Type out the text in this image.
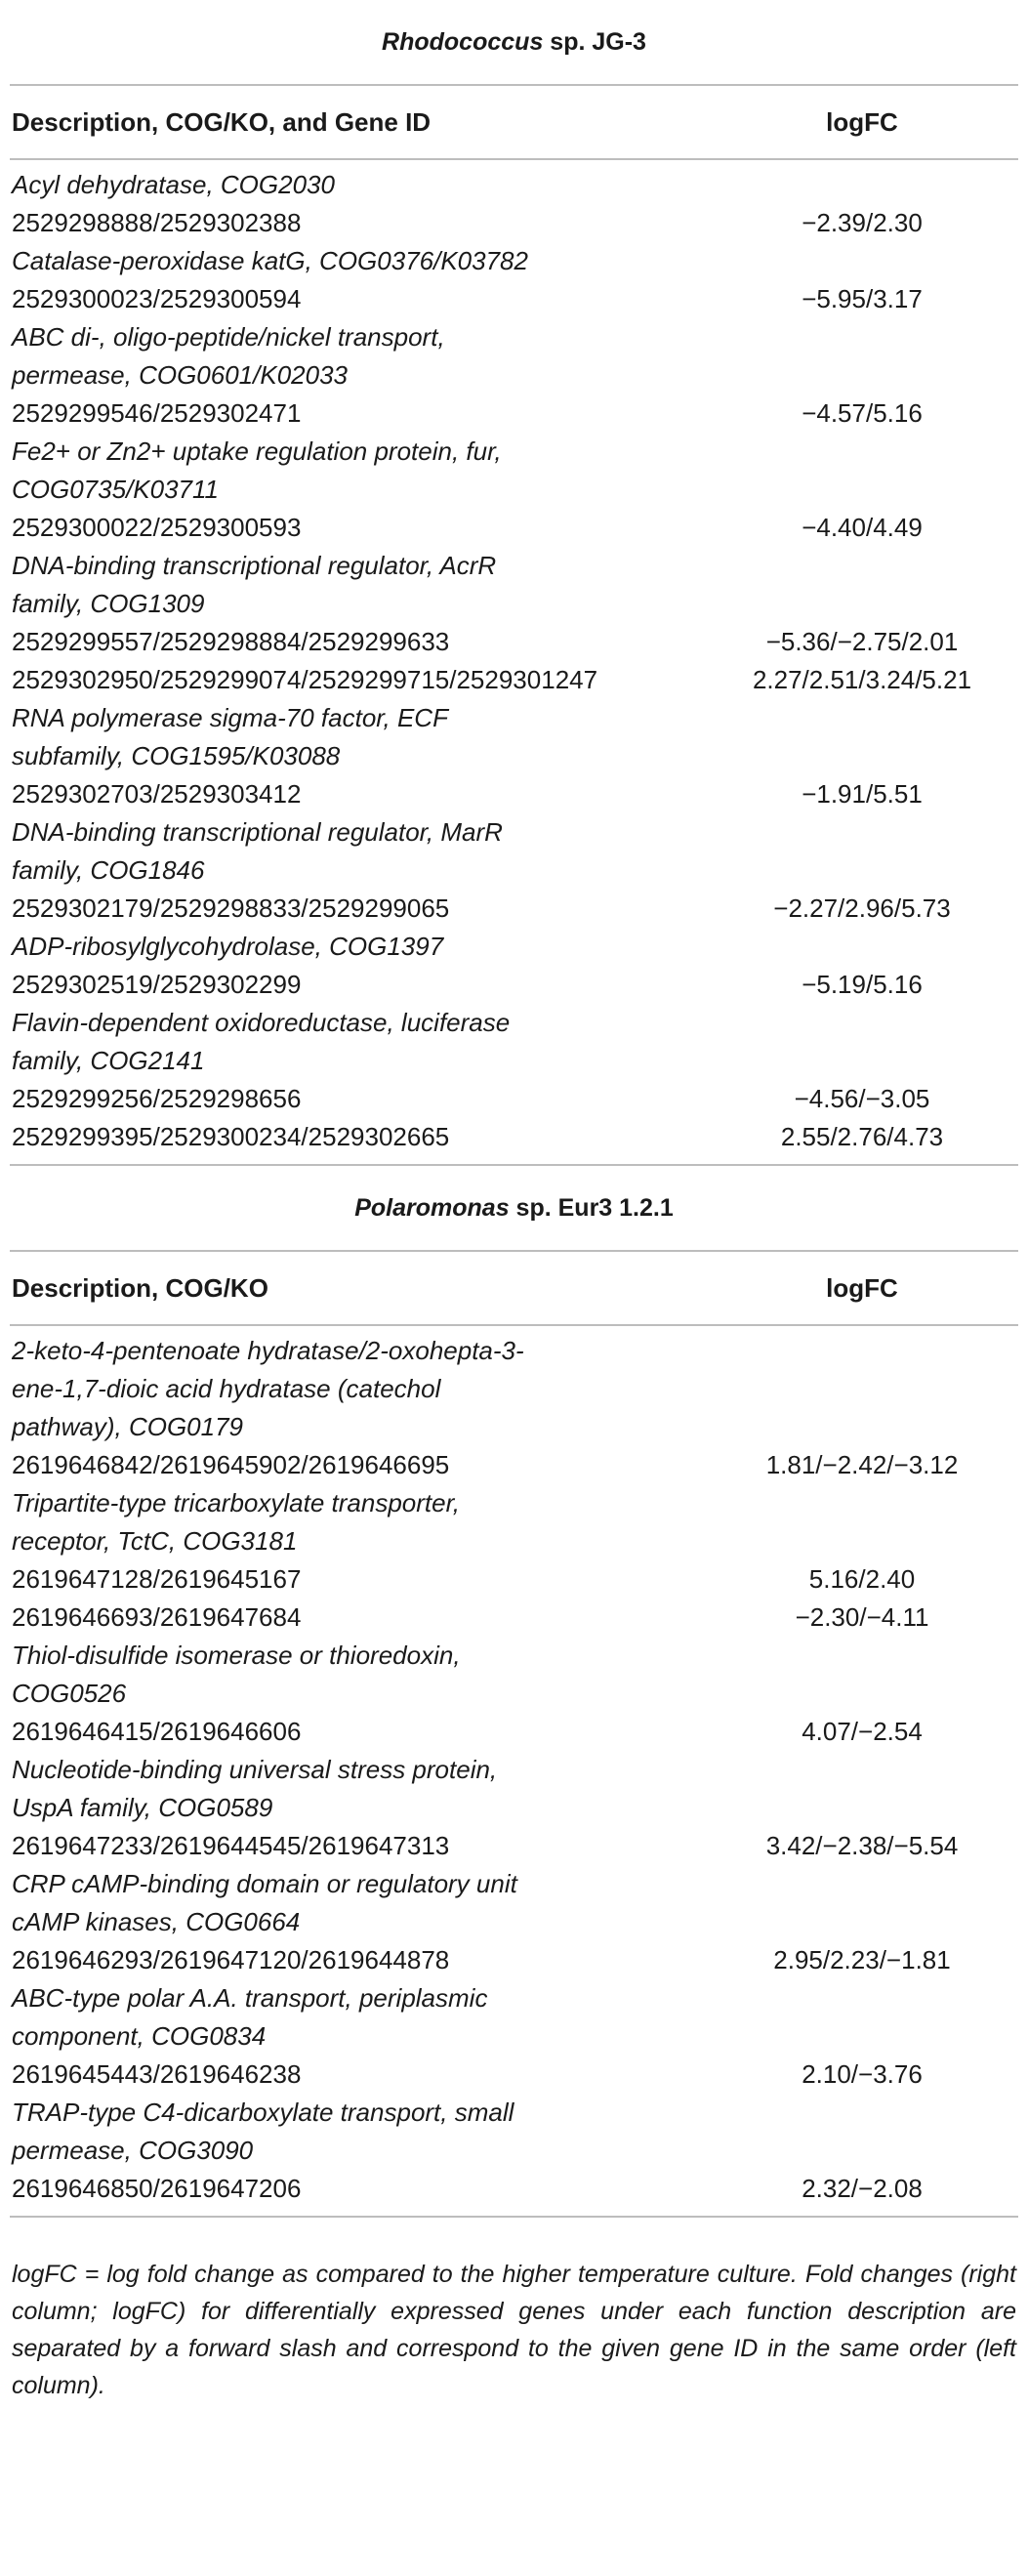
Rhodococcus sp. JG-3
Description, COG/KO, and Gene ID	logFC
Acyl dehydratase, COG2030
2529298888/2529302388	−2.39/2.30
Catalase-peroxidase katG, COG0376/K03782
2529300023/2529300594	−5.95/3.17
ABC di-, oligo-peptide/nickel transport, permease, COG0601/K02033
2529299546/2529302471	−4.57/5.16
Fe2+ or Zn2+ uptake regulation protein, fur, COG0735/K03711
2529300022/2529300593	−4.40/4.49
DNA-binding transcriptional regulator, AcrR family, COG1309
2529299557/2529298884/2529299633	−5.36/−2.75/2.01
2529302950/2529299074/2529299715/2529301247	2.27/2.51/3.24/5.21
RNA polymerase sigma-70 factor, ECF subfamily, COG1595/K03088
2529302703/2529303412	−1.91/5.51
DNA-binding transcriptional regulator, MarR family, COG1846
2529302179/2529298833/2529299065	−2.27/2.96/5.73
ADP-ribosylglycohydrolase, COG1397
2529302519/2529302299	−5.19/5.16
Flavin-dependent oxidoreductase, luciferase family, COG2141
2529299256/2529298656	−4.56/−3.05
2529299395/2529300234/2529302665	2.55/2.76/4.73
Polaromonas sp. Eur3 1.2.1
Description, COG/KO	logFC
2-keto-4-pentenoate hydratase/2-oxohepta-3-ene-1,7-dioic acid hydratase (catechol pathway), COG0179
2619646842/2619645902/2619646695	1.81/−2.42/−3.12
Tripartite-type tricarboxylate transporter, receptor, TctC, COG3181
2619647128/2619645167	5.16/2.40
2619646693/2619647684	−2.30/−4.11
Thiol-disulfide isomerase or thioredoxin, COG0526
2619646415/2619646606	4.07/−2.54
Nucleotide-binding universal stress protein, UspA family, COG0589
2619647233/2619644545/2619647313	3.42/−2.38/−5.54
CRP cAMP-binding domain or regulatory unit cAMP kinases, COG0664
2619646293/2619647120/2619644878	2.95/2.23/−1.81
ABC-type polar A.A. transport, periplasmic component, COG0834
2619645443/2619646238	2.10/−3.76
TRAP-type C4-dicarboxylate transport, small permease, COG3090
2619646850/2619647206	2.32/−2.08

logFC = log fold change as compared to the higher temperature culture. Fold changes (right column; logFC) for differentially expressed genes under each function description are separated by a forward slash and correspond to the given gene ID in the same order (left column).
